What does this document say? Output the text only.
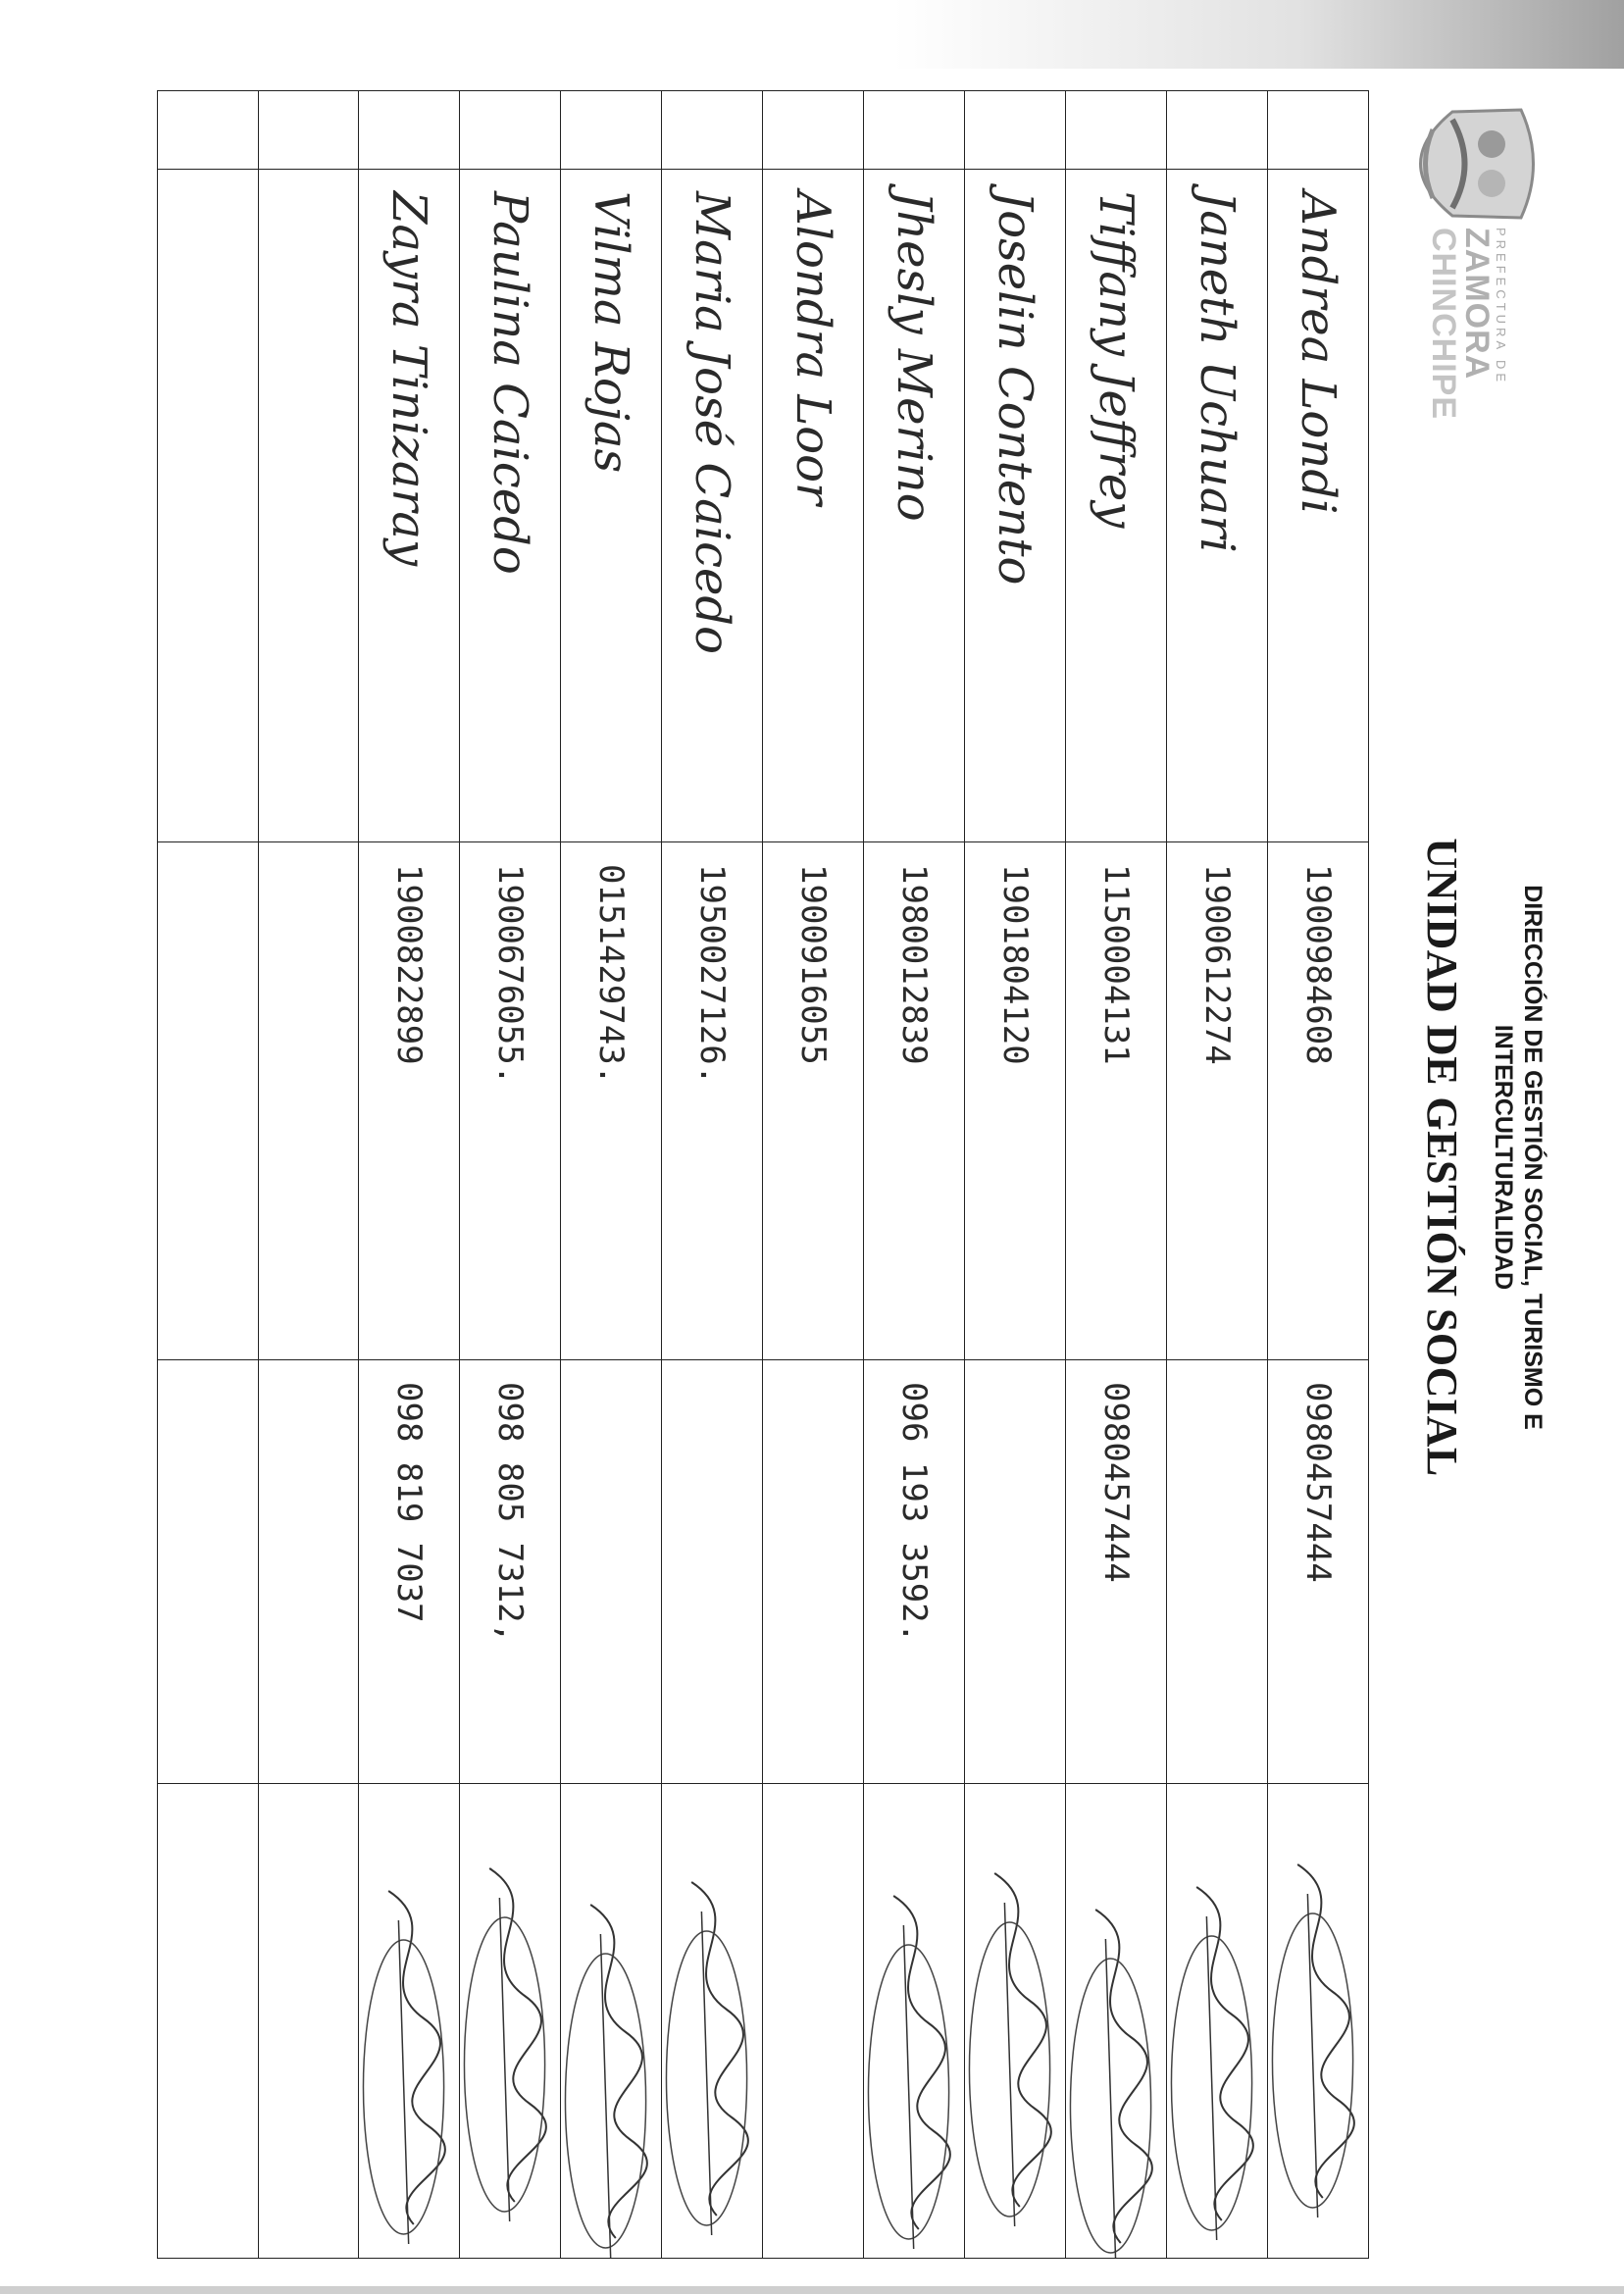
PREFECTURA DE
ZAMORA
CHINCHIPE
DIRECCIÓN DE GESTIÓN SOCIAL, TURISMO E
INTERCULTURALIDAD
UNIDAD DE GESTIÓN SOCIAL
	Andrea Londi	1900984608	0980457444	

	Janeth Uchuari	1900612274		

	Tiffany Jeffrey	1150004131	0980457444	

	Joselin Contento	1901804120		

	Jhesly Merino	1980012839	096 193 3592.	

	Alondra Loor	1900916055		
	Maria José Caicedo	1950027126.		

	Vilma Rojas	0151429743.		

	Paulina Caicedo	1900676055.	098 805 7312,	

	Zayra Tinizaray	1900822899	098 819 7037	
